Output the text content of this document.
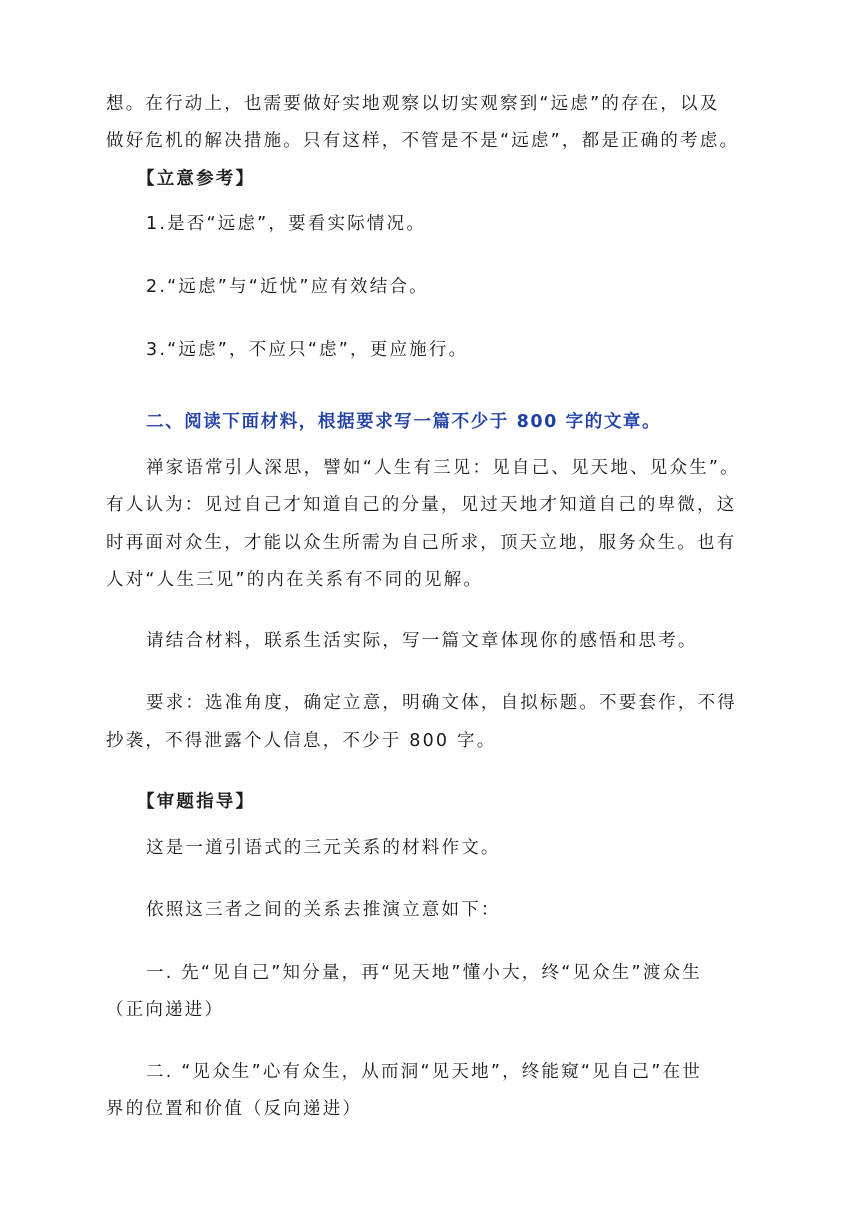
想。在行动上，也需要做好实地观察以切实观察到“远虑”的存在，以及
做好危机的解决措施。只有这样，不管是不是“远虑”，都是正确的考虑。
【立意参考】
1.是否“远虑”，要看实际情况。
2.“远虑”与“近忧”应有效结合。
3.“远虑”，不应只“虑”，更应施行。
二、阅读下面材料，根据要求写一篇不少于 800 字的文章。
禅家语常引人深思，譬如“人生有三见：见自己、见天地、见众生”。
有人认为：见过自己才知道自己的分量，见过天地才知道自己的卑微，这
时再面对众生，才能以众生所需为自己所求，顶天立地，服务众生。也有
人对“人生三见”的内在关系有不同的见解。
请结合材料，联系生活实际，写一篇文章体现你的感悟和思考。
要求：选准角度，确定立意，明确文体，自拟标题。不要套作，不得
抄袭，不得泄露个人信息，不少于 800 字。
【审题指导】
这是一道引语式的三元关系的材料作文。
依照这三者之间的关系去推演立意如下：
一. 先“见自己”知分量，再“见天地”懂小大，终“见众生”渡众生
（正向递进）
二. “见众生”心有众生，从而洞“见天地”，终能窥“见自己”在世
界的位置和价值（反向递进）
